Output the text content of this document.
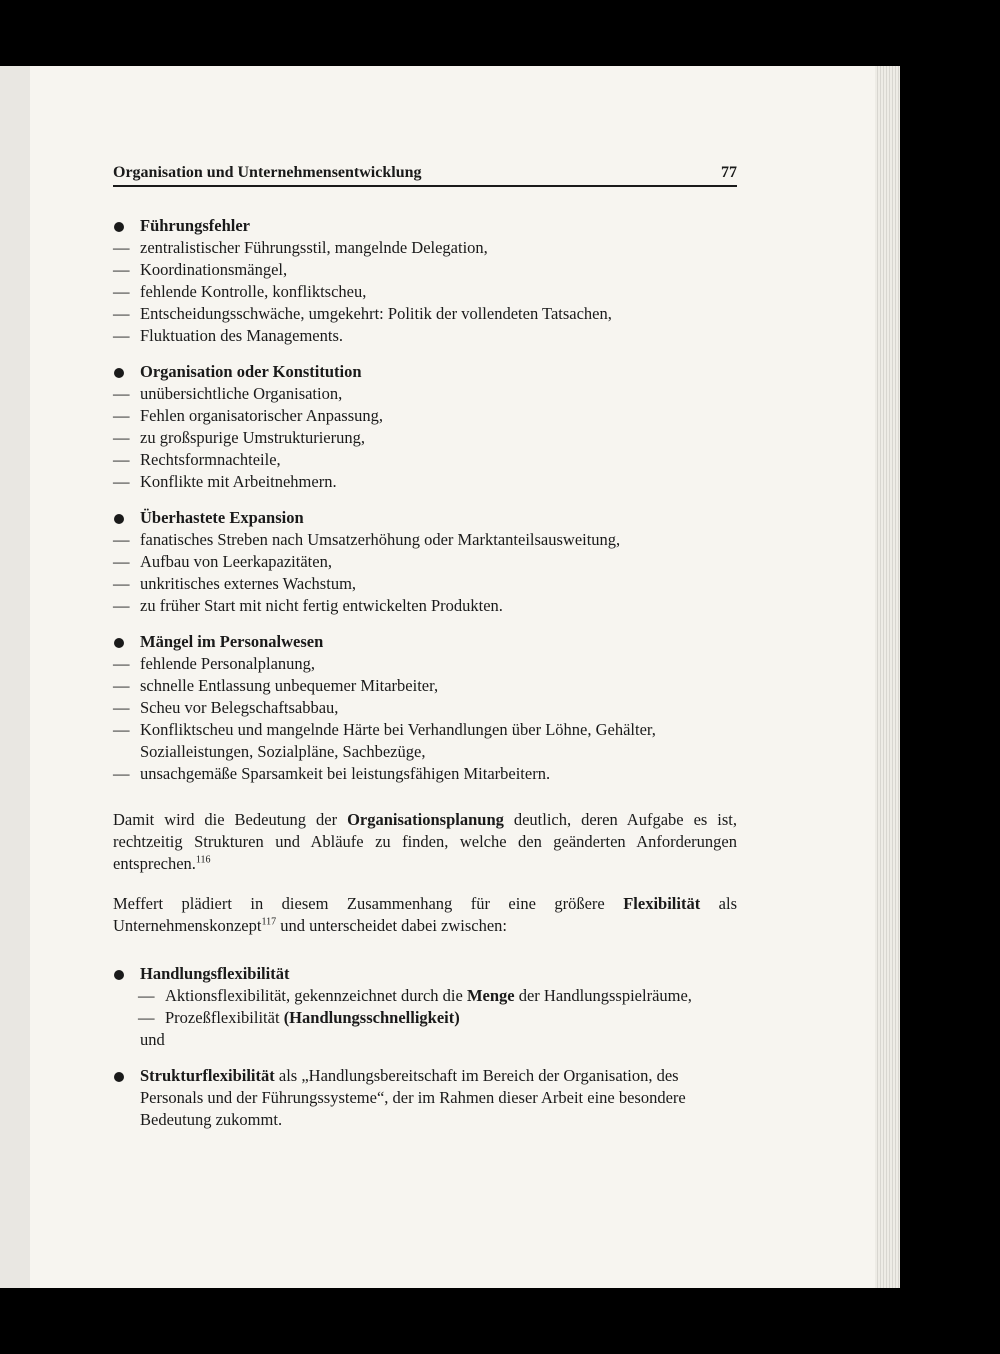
Organisation und Unternehmensentwicklung	77
Führungsfehler
— zentralistischer Führungsstil, mangelnde Delegation,
— Koordinationsmängel,
— fehlende Kontrolle, konfliktscheu,
— Entscheidungsschwäche, umgekehrt: Politik der vollendeten Tatsachen,
— Fluktuation des Managements.
Organisation oder Konstitution
— unübersichtliche Organisation,
— Fehlen organisatorischer Anpassung,
— zu großspurige Umstrukturierung,
— Rechtsformnachteile,
— Konflikte mit Arbeitnehmern.
Überhastete Expansion
— fanatisches Streben nach Umsatzerhöhung oder Marktanteilsausweitung,
— Aufbau von Leerkapazitäten,
— unkritisches externes Wachstum,
— zu früher Start mit nicht fertig entwickelten Produkten.
Mängel im Personalwesen
— fehlende Personalplanung,
— schnelle Entlassung unbequemer Mitarbeiter,
— Scheu vor Belegschaftsabbau,
— Konfliktscheu und mangelnde Härte bei Verhandlungen über Löhne, Gehälter, Sozialleistungen, Sozialpläne, Sachbezüge,
— unsachgemäße Sparsamkeit bei leistungsfähigen Mitarbeitern.

Damit wird die Bedeutung der Organisationsplanung deutlich, deren Aufgabe es ist, rechtzeitig Strukturen und Abläufe zu finden, welche den geänderten Anforderungen entsprechen.$^{116}$

Meffert plädiert in diesem Zusammenhang für eine größere Flexibilität als Unternehmenskonzept$^{117}$ und unterscheidet dabei zwischen:

Handlungsflexibilität
— Aktionsflexibilität, gekennzeichnet durch die Menge der Handlungsspielräume,
— Prozeßflexibilität (Handlungsschnelligkeit)
und
Strukturflexibilität als „Handlungsbereitschaft im Bereich der Organisation, des Personals und der Führungssysteme“, der im Rahmen dieser Arbeit eine besondere Bedeutung zukommt.
